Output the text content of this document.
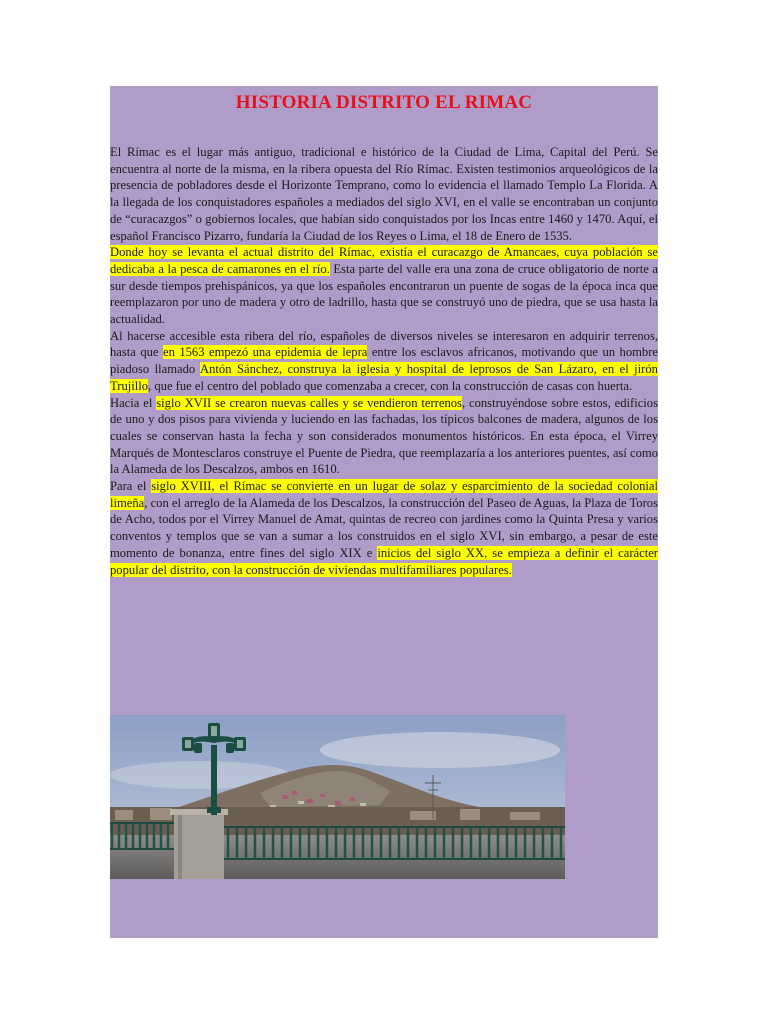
HISTORIA DISTRITO EL RIMAC

El Rímac es el lugar más antiguo, tradicional e histórico de la Ciudad de Lima, Capital del Perú. Se encuentra al norte de la misma, en la ribera opuesta del Río Rímac. Existen testimonios arqueológicos de la presencia de pobladores desde el Horizonte Temprano, como lo evidencia el llamado Templo La Florida. A la llegada de los conquistadores españoles a mediados del siglo XVI, en el valle se encontraban un conjunto de “curacazgos” o gobiernos locales, que habían sido conquistados por los Incas entre 1460 y 1470. Aquí, el español Francisco Pizarro, fundaría la Ciudad de los Reyes o Lima, el 18 de Enero de 1535.

Donde hoy se levanta el actual distrito del Rímac, existía el curacazgo de Amancaes, cuya población se dedicaba a la pesca de camarones en el río. Esta parte del valle era una zona de cruce obligatorio de norte a sur desde tiempos prehispánicos, ya que los españoles encontraron un puente de sogas de la época inca que reemplazaron por uno de madera y otro de ladrillo, hasta que se construyó uno de piedra, que se usa hasta la actualidad.

Al hacerse accesible esta ribera del río, españoles de diversos niveles se interesaron en adquirir terrenos, hasta que en 1563 empezó una epidemia de lepra entre los esclavos africanos, motivando que un hombre piadoso llamado Antón Sánchez, construya la iglesia y hospital de leprosos de San Lázaro, en el jirón Trujillo, que fue el centro del poblado que comenzaba a crecer, con la construcción de casas con huerta.

Hacia el siglo XVII se crearon nuevas calles y se vendieron terrenos, construyéndose sobre estos, edificios de uno y dos pisos para vivienda y luciendo en las fachadas, los típicos balcones de madera, algunos de los cuales se conservan hasta la fecha y son considerados monumentos históricos. En esta época, el Virrey Marqués de Montesclaros construye el Puente de Piedra, que reemplazaría a los anteriores puentes, así como la Alameda de los Descalzos, ambos en 1610.

Para el siglo XVIII, el Rímac se convierte en un lugar de solaz y esparcimiento de la sociedad colonial limeña, con el arreglo de la Alameda de los Descalzos, la construcción del Paseo de Aguas, la Plaza de Toros de Acho, todos por el Virrey Manuel de Amat, quintas de recreo con jardines como la Quinta Presa y varios conventos y templos que se van a sumar a los construidos en el siglo XVI, sin embargo, a pesar de este momento de bonanza, entre fines del siglo XIX e inicios del siglo XX, se empieza a definir el carácter popular del distrito, con la construcción de viviendas multifamiliares populares.
